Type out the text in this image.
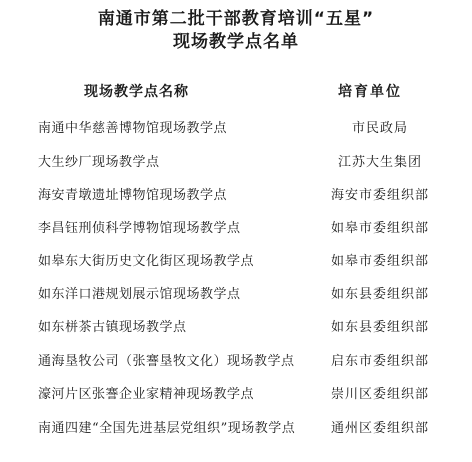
南通市第二批干部教育培训“五星”
现场教学点名单
现场教学点名称	培育单位
南通中华慈善博物馆现场教学点	市民政局
大生纱厂现场教学点	江苏大生集团
海安青墩遗址博物馆现场教学点	海安市委组织部
李昌钰刑侦科学博物馆现场教学点	如皋市委组织部
如皋东大街历史文化街区现场教学点	如皋市委组织部
如东洋口港规划展示馆现场教学点	如东县委组织部
如东栟茶古镇现场教学点	如东县委组织部
通海垦牧公司（张謇垦牧文化）现场教学点	启东市委组织部
濠河片区张謇企业家精神现场教学点	崇川区委组织部
南通四建“全国先进基层党组织”现场教学点	通州区委组织部
